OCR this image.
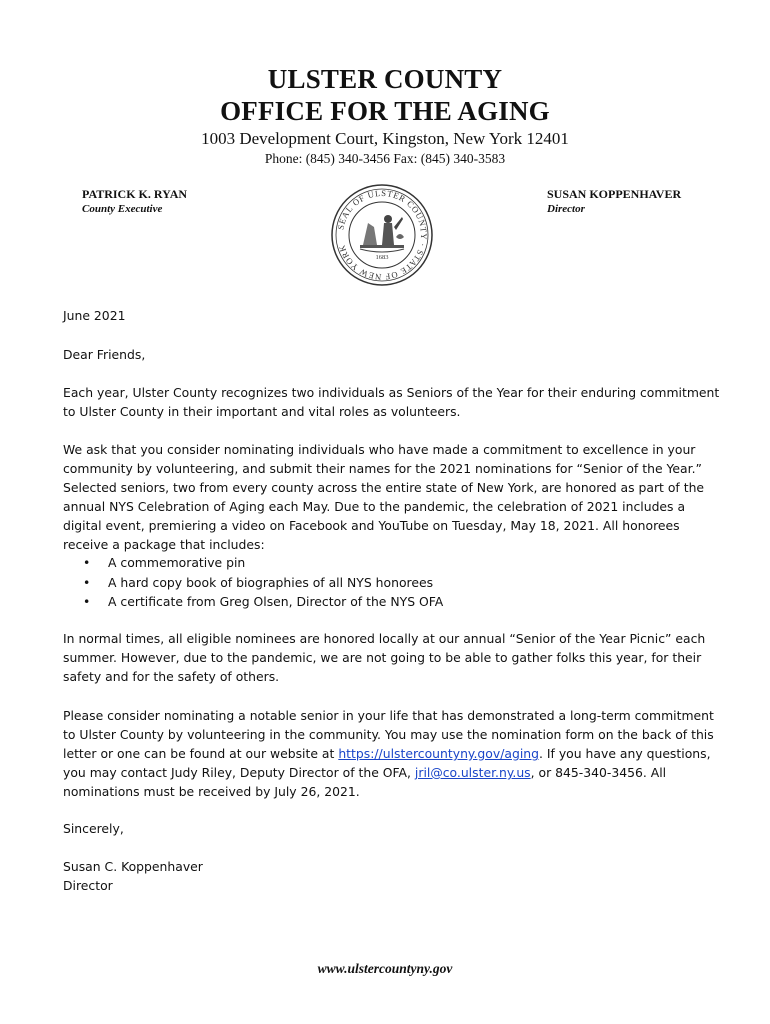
ULSTER COUNTY
OFFICE FOR THE AGING
1003 Development Court, Kingston, New York 12401
Phone: (845) 340-3456 Fax: (845) 340-3583
PATRICK K. RYAN
County Executive
SUSAN KOPPENHAVER
Director
SEAL OF ULSTER COUNTY · STATE OF NEW YORK
1683
June 2021
Dear Friends,
Each year, Ulster County recognizes two individuals as Seniors of the Year for their enduring commitment to Ulster County in their important and vital roles as volunteers.
We ask that you consider nominating individuals who have made a commitment to excellence in your community by volunteering, and submit their names for the 2021 nominations for “Senior of the Year.” Selected seniors, two from every county across the entire state of New York, are honored as part of the annual NYS Celebration of Aging each May. Due to the pandemic, the celebration of 2021 includes a digital event, premiering a video on Facebook and YouTube on Tuesday, May 18, 2021. All honorees receive a package that includes:
• A commemorative pin
• A hard copy book of biographies of all NYS honorees
• A certificate from Greg Olsen, Director of the NYS OFA
In normal times, all eligible nominees are honored locally at our annual “Senior of the Year Picnic” each summer. However, due to the pandemic, we are not going to be able to gather folks this year, for their safety and for the safety of others.
Please consider nominating a notable senior in your life that has demonstrated a long-term commitment to Ulster County by volunteering in the community. You may use the nomination form on the back of this letter or one can be found at our website at https://ulstercountyny.gov/aging. If you have any questions, you may contact Judy Riley, Deputy Director of the OFA, jril@co.ulster.ny.us, or 845-340-3456. All nominations must be received by July 26, 2021.
Sincerely,
Susan C. Koppenhaver
Director
www.ulstercountyny.gov
